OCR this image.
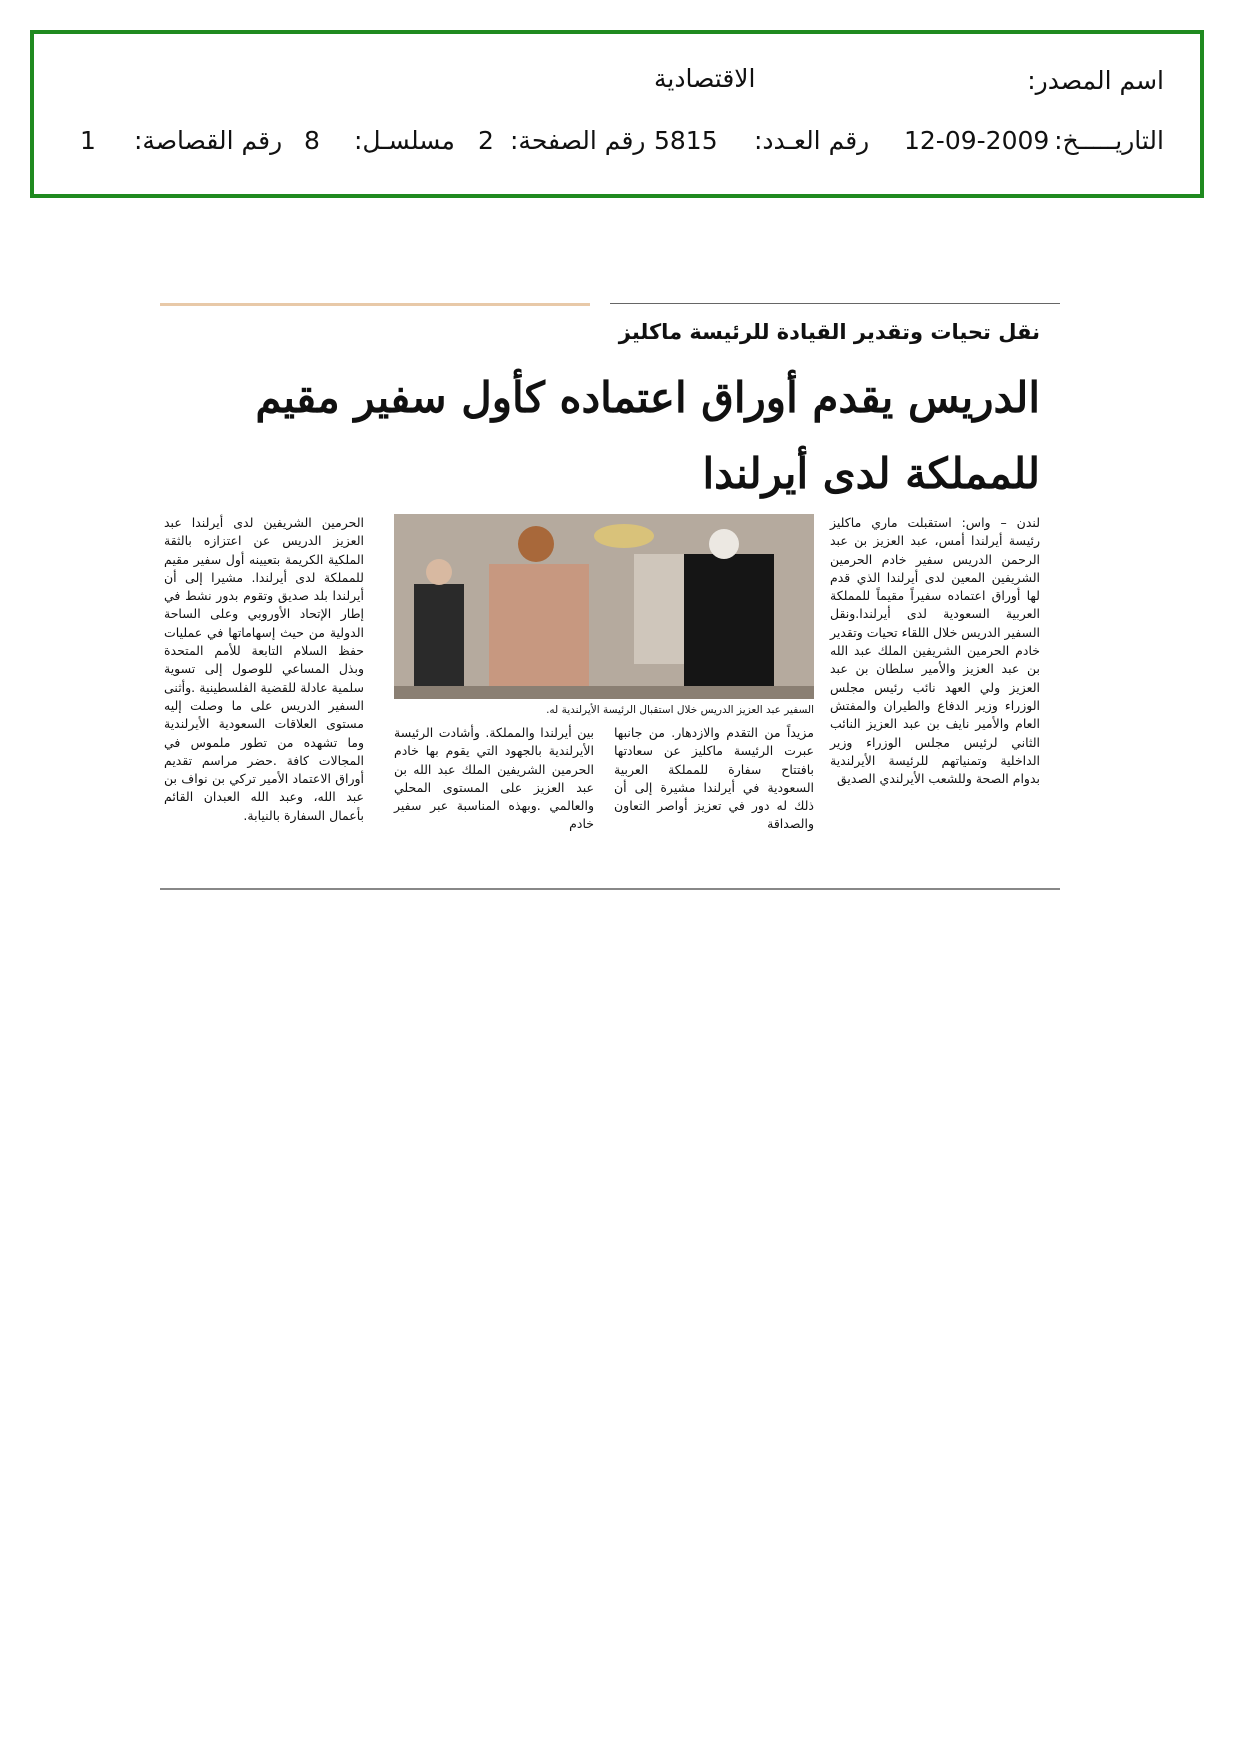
اسم المصدر:
الاقتصادية
التاريـــــخ:
12-09-2009
رقم العـدد:
5815
رقم الصفحة:
2
مسلسـل:
8
رقم القصاصة:
1
نقل تحيات وتقدير القيادة للرئيسة ماكليز
الدريس يقدم أوراق اعتماده كأول سفير مقيم للمملكة لدى أيرلندا
لندن – واس: استقبلت ماري ماكليز رئيسة أيرلندا أمس، عبد العزيز بن عبد الرحمن الدريس سفير خادم الحرمين الشريفين المعين لدى أيرلندا الذي قدم لها أوراق اعتماده سفيراً مقيماً للمملكة العربية السعودية لدى أيرلندا.ونقل السفير الدريس خلال اللقاء تحيات وتقدير خادم الحرمين الشريفين الملك عبد الله بن عبد العزيز والأمير سلطان بن عبد العزيز ولي العهد نائب رئيس مجلس الوزراء وزير الدفاع والطيران والمفتش العام والأمير نايف بن عبد العزيز النائب الثاني لرئيس مجلس الوزراء وزير الداخلية وتمنياتهم للرئيسة الأيرلندية بدوام الصحة وللشعب الأيرلندي الصديق
السفير عبد العزيز الدريس خلال استقبال الرئيسة الأيرلندية له.
مزيداً من التقدم والازدهار. من جانبها عبرت الرئيسة ماكليز عن سعادتها بافتتاح سفارة للمملكة العربية السعودية في أيرلندا مشيرة إلى أن ذلك له دور في تعزيز أواصر التعاون والصداقة
بين أيرلندا والمملكة. وأشادت الرئيسة الأيرلندية بالجهود التي يقوم بها خادم الحرمين الشريفين الملك عبد الله بن عبد العزيز على المستوى المحلي والعالمي .وبهذه المناسبة عبر سفير خادم
الحرمين الشريفين لدى أيرلندا عبد العزيز الدريس عن اعتزازه بالثقة الملكية الكريمة بتعيينه أول سفير مقيم للمملكة لدى أيرلندا. مشيرا إلى أن أيرلندا بلد صديق وتقوم بدور نشط في إطار الإتحاد الأوروبي وعلى الساحة الدولية من حيث إسهاماتها في عمليات حفظ السلام التابعة للأمم المتحدة وبذل المساعي للوصول إلى تسوية سلمية عادلة للقضية الفلسطينية .وأثنى السفير الدريس على ما وصلت إليه مستوى العلاقات السعودية الأيرلندية وما تشهده من تطور ملموس في المجالات كافة .حضر مراسم تقديم أوراق الاعتماد الأمير تركي بن نواف بن عبد الله، وعبد الله العبدان القائم بأعمال السفارة بالنيابة.
